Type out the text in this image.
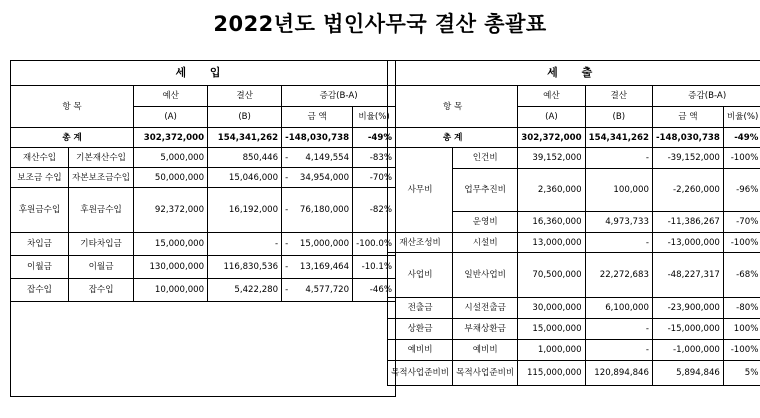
2022년도 법인사무국 결산 총괄표
세 입					
항 목		예산	결산	증감(B-A)	
		(A)	(B)	금 액	비율(%)
총 계		302,372,000	154,341,262	- 148,030,738	-49%
재산수입	기본재산수입	5,000,000	850,446	- 4,149,554	-83%
보조금 수입	자본보조금수입	50,000,000	15,046,000	- 34,954,000	-70%
후원금수입	후원금수입	92,372,000	16,192,000	- 76,180,000	-82%
차입금	기타차입금	15,000,000	-	- 15,000,000	-100.0%
이월금	이월금	130,000,000	116,830,536	- 13,169,464	-10.1%
잡수입	잡수입	10,000,000	5,422,280	- 4,577,720	-46%

세 출					
항 목		예산	결산	증감(B-A)	
		(A)	(B)	금 액	비율(%)
총 계		302,372,000	154,341,262	-148,030,738	-49%
사무비	인건비	39,152,000	-	-39,152,000	-100%
	업무추진비	2,360,000	100,000	-2,260,000	-96%
	운영비	16,360,000	4,973,733	-11,386,267	-70%
재산조성비	시설비	13,000,000	-	-13,000,000	-100%
사업비	일반사업비	70,500,000	22,272,683	-48,227,317	-68%
전출금	시설전출금	30,000,000	6,100,000	-23,900,000	-80%
상환금	부채상환금	15,000,000	-	-15,000,000	100%
예비비	예비비	1,000,000	-	-1,000,000	-100%
목적사업준비비	목적사업준비비	115,000,000	120,894,846	5,894,846	5%
